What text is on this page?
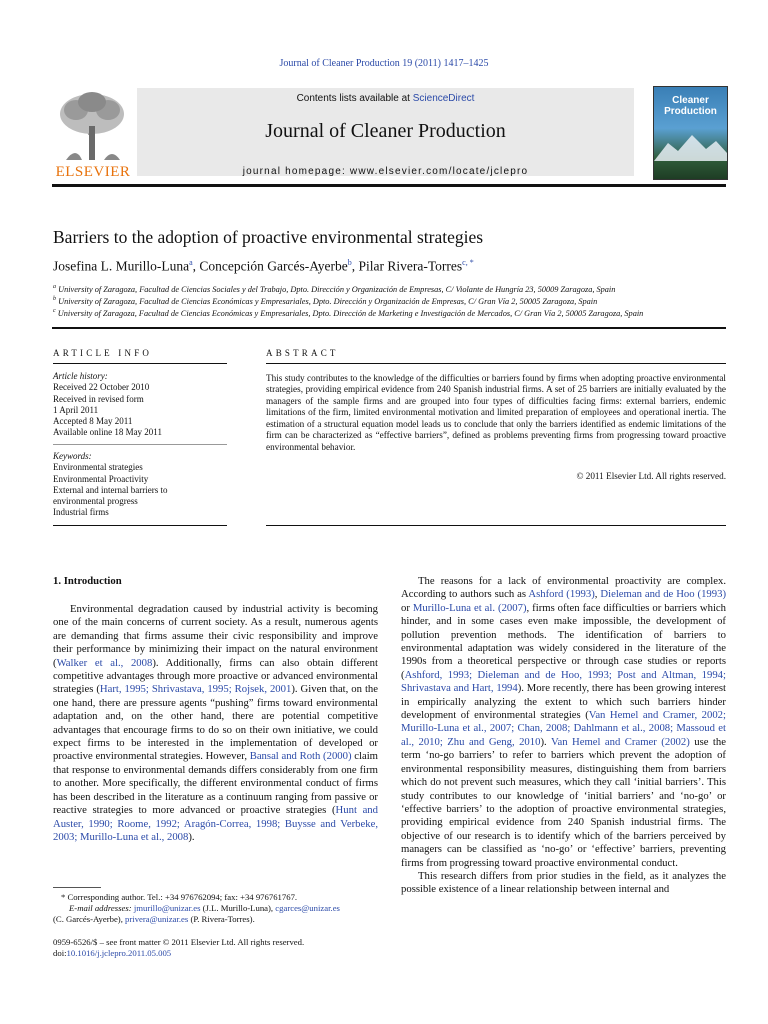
Journal of Cleaner Production 19 (2011) 1417–1425
ELSEVIER
Contents lists available at ScienceDirect
Journal of Cleaner Production
journal homepage: www.elsevier.com/locate/jclepro
Cleaner Production
Barriers to the adoption of proactive environmental strategies
Josefina L. Murillo-Luna$^a$, Concepción Garcés-Ayerbe$^b$, Pilar Rivera-Torres$^{c, *}$
$^a$ University of Zaragoza, Facultad de Ciencias Sociales y del Trabajo, Dpto. Dirección y Organización de Empresas, C/ Violante de Hungría 23, 50009 Zaragoza, Spain
$^b$ University of Zaragoza, Facultad de Ciencias Económicas y Empresariales, Dpto. Dirección y Organización de Empresas, C/ Gran Vía 2, 50005 Zaragoza, Spain
$^c$ University of Zaragoza, Facultad de Ciencias Económicas y Empresariales, Dpto. Dirección de Marketing e Investigación de Mercados, C/ Gran Vía 2, 50005 Zaragoza, Spain
ARTICLE INFO
Article history:
Received 22 October 2010
Received in revised form
1 April 2011
Accepted 8 May 2011
Available online 18 May 2011
Keywords:
Environmental strategies
Environmental Proactivity
External and internal barriers to
environmental progress
Industrial firms
ABSTRACT
This study contributes to the knowledge of the difficulties or barriers found by firms when adopting proactive environmental strategies, providing empirical evidence from 240 Spanish industrial firms. A set of 25 barriers are initially evaluated by the managers of the sample firms and are grouped into four types of difficulties facing firms: external barriers, endemic limitations of the firm, limited environmental motivation and limited preparation of employees and operational inertia. The estimation of a structural equation model leads us to conclude that only the barriers identified as endemic limitations of the firm can be characterized as “effective barriers”, defined as problems preventing firms from progressing toward proactive environmental behavior.
© 2011 Elsevier Ltd. All rights reserved.
1. Introduction

Environmental degradation caused by industrial activity is becoming one of the main concerns of current society. As a result, numerous agents are demanding that firms assume their civic responsibility and improve their performance by minimizing their impact on the natural environment (Walker et al., 2008). Additionally, firms can also obtain different competitive advantages through more proactive or advanced environmental strategies (Hart, 1995; Shrivastava, 1995; Rojsek, 2001). Given that, on the one hand, there are pressure agents “pushing” firms toward environmental adaptation and, on the other hand, there are potential competitive advantages that encourage firms to do so on their own initiative, we could expect firms to be interested in the implementation of developed or proactive environmental strategies. However, Bansal and Roth (2000) claim that response to environmental demands differs considerably from one firm to another. More specifically, the different environmental conduct of firms has been described in the literature as a continuum ranging from passive or reactive strategies to more advanced or proactive strategies (Hunt and Auster, 1990; Roome, 1992; Aragón-Correa, 1998; Buysse and Verbeke, 2003; Murillo-Luna et al., 2008).

* Corresponding author. Tel.: +34 976762094; fax: +34 976761767.
E-mail addresses: jmurillo@unizar.es (J.L. Murillo-Luna), cgarces@unizar.es
(C. Garcés-Ayerbe), privera@unizar.es (P. Rivera-Torres).
0959-6526/$ – see front matter © 2011 Elsevier Ltd. All rights reserved.
doi:10.1016/j.jclepro.2011.05.005

The reasons for a lack of environmental proactivity are complex. According to authors such as Ashford (1993), Dieleman and de Hoo (1993) or Murillo-Luna et al. (2007), firms often face difficulties or barriers which hinder, and in some cases even make impossible, the development of pollution prevention methods. The identification of barriers to environmental adaptation was widely considered in the literature of the 1990s from a theoretical perspective or through case studies or reports (Ashford, 1993; Dieleman and de Hoo, 1993; Post and Altman, 1994; Shrivastava and Hart, 1994). More recently, there has been growing interest in empirically analyzing the extent to which such barriers hinder development of environmental strategies (Van Hemel and Cramer, 2002; Murillo-Luna et al., 2007; Chan, 2008; Dahlmann et al., 2008; Massoud et al., 2010; Zhu and Geng, 2010). Van Hemel and Cramer (2002) use the term ‘no-go barriers’ to refer to barriers which prevent the adoption of environmental responsibility measures, distinguishing them from barriers which do not prevent such measures, which they call ‘initial barriers’. This study contributes to our knowledge of ‘initial barriers’ and ‘no-go’ or ‘effective barriers’ to the adoption of proactive environmental strategies, providing empirical evidence from 240 Spanish industrial firms. The objective of our research is to identify which of the barriers perceived by managers can be classified as ‘no-go’ or ‘effective’ barriers, preventing firms from progressing toward proactive environmental conduct.

This research differs from prior studies in the field, as it analyzes the possible existence of a linear relationship between internal and
